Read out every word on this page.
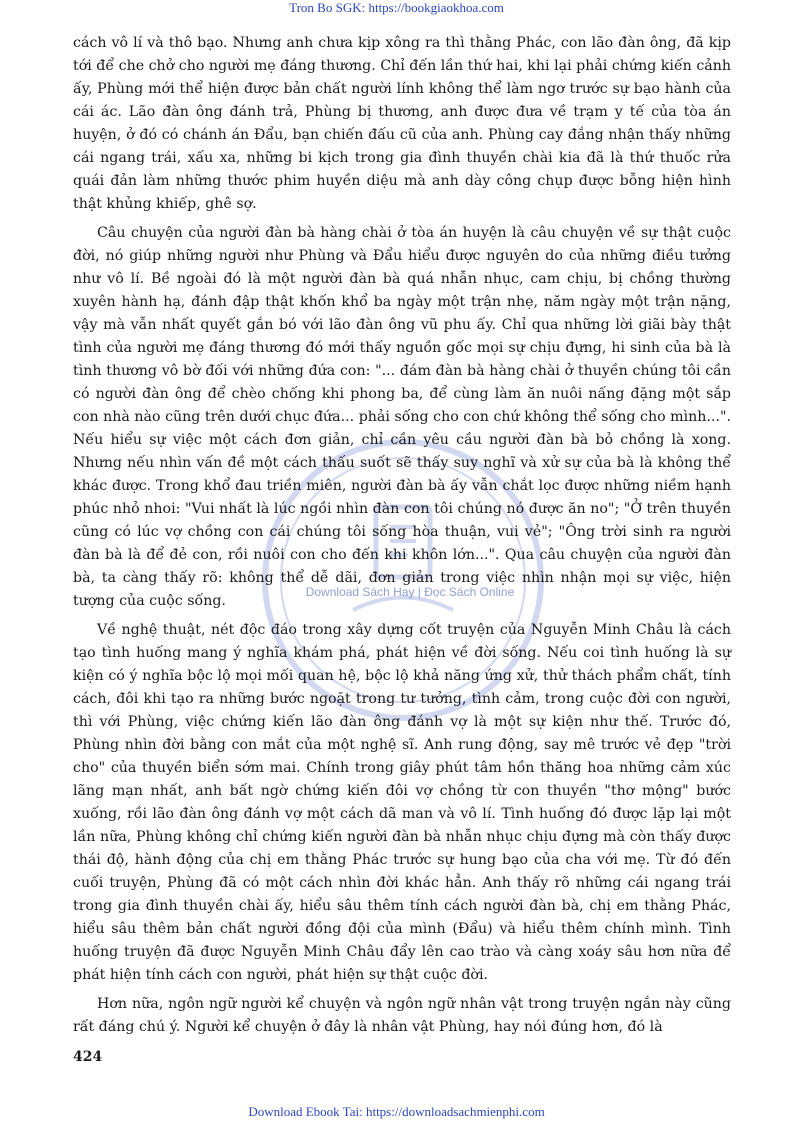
Tron Bo SGK: https://bookgiaokhoa.com
Download Sách Hay | Đọc Sách Online

cách vô lí và thô bạo. Nhưng anh chưa kịp xông ra thì thằng Phác, con lão đàn ông, đã kịp tới để che chở cho người mẹ đáng thương. Chỉ đến lần thứ hai, khi lại phải chứng kiến cảnh ấy, Phùng mới thể hiện được bản chất người lính không thể làm ngơ trước sự bạo hành của cái ác. Lão đàn ông đánh trả, Phùng bị thương, anh được đưa về trạm y tế của tòa án huyện, ở đó có chánh án Đẩu, bạn chiến đấu cũ của anh. Phùng cay đắng nhận thấy những cái ngang trái, xấu xa, những bi kịch trong gia đình thuyền chài kia đã là thứ thuốc rửa quái đản làm những thước phim huyền diệu mà anh dày công chụp được bỗng hiện hình thật khủng khiếp, ghê sợ.

Câu chuyện của người đàn bà hàng chài ở tòa án huyện là câu chuyện về sự thật cuộc đời, nó giúp những người như Phùng và Đẩu hiểu được nguyên do của những điều tưởng như vô lí. Bề ngoài đó là một người đàn bà quá nhẫn nhục, cam chịu, bị chồng thường xuyên hành hạ, đánh đập thật khốn khổ ba ngày một trận nhẹ, năm ngày một trận nặng, vậy mà vẫn nhất quyết gắn bó với lão đàn ông vũ phu ấy. Chỉ qua những lời giãi bày thật tình của người mẹ đáng thương đó mới thấy nguồn gốc mọi sự chịu đựng, hi sinh của bà là tình thương vô bờ đối với những đứa con: "... đám đàn bà hàng chài ở thuyền chúng tôi cần có người đàn ông để chèo chống khi phong ba, để cùng làm ăn nuôi nấng đặng một sắp con nhà nào cũng trên dưới chục đứa... phải sống cho con chứ không thể sống cho mình...". Nếu hiểu sự việc một cách đơn giản, chỉ cần yêu cầu người đàn bà bỏ chồng là xong. Nhưng nếu nhìn vấn đề một cách thấu suốt sẽ thấy suy nghĩ và xử sự của bà là không thể khác được. Trong khổ đau triền miên, người đàn bà ấy vẫn chắt lọc được những niềm hạnh phúc nhỏ nhoi: "Vui nhất là lúc ngồi nhìn đàn con tôi chúng nó được ăn no"; "Ở trên thuyền cũng có lúc vợ chồng con cái chúng tôi sống hòa thuận, vui vẻ"; "Ông trời sinh ra người đàn bà là để đẻ con, rồi nuôi con cho đến khi khôn lớn...". Qua câu chuyện của người đàn bà, ta càng thấy rõ: không thể dễ dãi, đơn giản trong việc nhìn nhận mọi sự việc, hiện tượng của cuộc sống.

Về nghệ thuật, nét độc đáo trong xây dựng cốt truyện của Nguyễn Minh Châu là cách tạo tình huống mang ý nghĩa khám phá, phát hiện về đời sống. Nếu coi tình huống là sự kiện có ý nghĩa bộc lộ mọi mối quan hệ, bộc lộ khả năng ứng xử, thử thách phẩm chất, tính cách, đôi khi tạo ra những bước ngoặt trong tư tưởng, tình cảm, trong cuộc đời con người, thì với Phùng, việc chứng kiến lão đàn ông đánh vợ là một sự kiện như thế. Trước đó, Phùng nhìn đời bằng con mắt của một nghệ sĩ. Anh rung động, say mê trước vẻ đẹp "trời cho" của thuyền biển sớm mai. Chính trong giây phút tâm hồn thăng hoa những cảm xúc lãng mạn nhất, anh bất ngờ chứng kiến đôi vợ chồng từ con thuyền "thơ mộng" bước xuống, rồi lão đàn ông đánh vợ một cách dã man và vô lí. Tình huống đó được lặp lại một lần nữa, Phùng không chỉ chứng kiến người đàn bà nhẫn nhục chịu đựng mà còn thấy được thái độ, hành động của chị em thằng Phác trước sự hung bạo của cha với mẹ. Từ đó đến cuối truyện, Phùng đã có một cách nhìn đời khác hẳn. Anh thấy rõ những cái ngang trái trong gia đình thuyền chài ấy, hiểu sâu thêm tính cách người đàn bà, chị em thằng Phác, hiểu sâu thêm bản chất người đồng đội của mình (Đẩu) và hiểu thêm chính mình. Tình huống truyện đã được Nguyễn Minh Châu đẩy lên cao trào và càng xoáy sâu hơn nữa để phát hiện tính cách con người, phát hiện sự thật cuộc đời.

Hơn nữa, ngôn ngữ người kể chuyện và ngôn ngữ nhân vật trong truyện ngắn này cũng rất đáng chú ý. Người kể chuyện ở đây là nhân vật Phùng, hay nói đúng hơn, đó là

424
Download Ebook Tai: https://downloadsachmienphi.com
